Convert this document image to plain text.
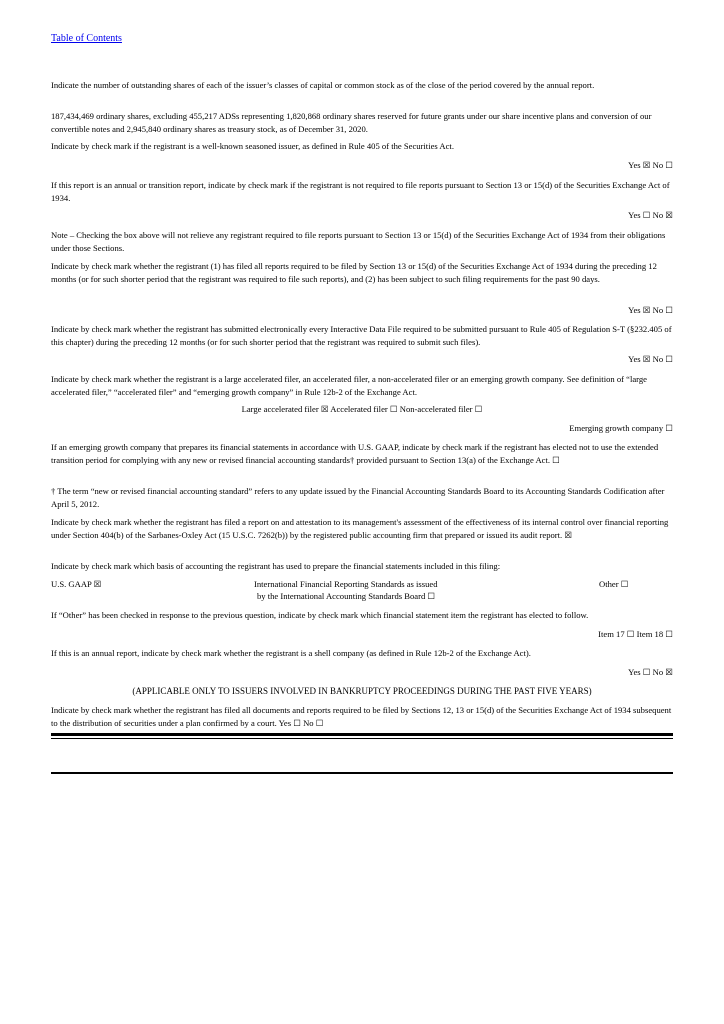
Table of Contents
Indicate the number of outstanding shares of each of the issuer’s classes of capital or common stock as of the close of the period covered by the annual report.
187,434,469 ordinary shares, excluding 455,217 ADSs representing 1,820,868 ordinary shares reserved for future grants under our share incentive plans and conversion of our convertible notes and 2,945,840 ordinary shares as treasury stock, as of December 31, 2020.
Indicate by check mark if the registrant is a well-known seasoned issuer, as defined in Rule 405 of the Securities Act.
Yes ☒ No ☐
If this report is an annual or transition report, indicate by check mark if the registrant is not required to file reports pursuant to Section 13 or 15(d) of the Securities Exchange Act of 1934.
Yes ☐ No ☒
Note – Checking the box above will not relieve any registrant required to file reports pursuant to Section 13 or 15(d) of the Securities Exchange Act of 1934 from their obligations under those Sections.
Indicate by check mark whether the registrant (1) has filed all reports required to be filed by Section 13 or 15(d) of the Securities Exchange Act of 1934 during the preceding 12 months (or for such shorter period that the registrant was required to file such reports), and (2) has been subject to such filing requirements for the past 90 days.
Yes ☒ No ☐
Indicate by check mark whether the registrant has submitted electronically every Interactive Data File required to be submitted pursuant to Rule 405 of Regulation S-T (§232.405 of this chapter) during the preceding 12 months (or for such shorter period that the registrant was required to submit such files).
Yes ☒ No ☐
Indicate by check mark whether the registrant is a large accelerated filer, an accelerated filer, a non-accelerated filer or an emerging growth company. See definition of “large accelerated filer,” “accelerated filer” and “emerging growth company” in Rule 12b-2 of the Exchange Act.
Large accelerated filer ☒ Accelerated filer ☐ Non-accelerated filer ☐
Emerging growth company ☐
If an emerging growth company that prepares its financial statements in accordance with U.S. GAAP, indicate by check mark if the registrant has elected not to use the extended transition period for complying with any new or revised financial accounting standards† provided pursuant to Section 13(a) of the Exchange Act. ☐
† The term “new or revised financial accounting standard” refers to any update issued by the Financial Accounting Standards Board to its Accounting Standards Codification after April 5, 2012.
Indicate by check mark whether the registrant has filed a report on and attestation to its management's assessment of the effectiveness of its internal control over financial reporting under Section 404(b) of the Sarbanes-Oxley Act (15 U.S.C. 7262(b)) by the registered public accounting firm that prepared or issued its audit report. ☒
Indicate by check mark which basis of accounting the registrant has used to prepare the financial statements included in this filing:
U.S. GAAP ☒	International Financial Reporting Standards as issued
by the International Accounting Standards Board ☐
Other ☐
If “Other” has been checked in response to the previous question, indicate by check mark which financial statement item the registrant has elected to follow.
Item 17 ☐ Item 18 ☐
If this is an annual report, indicate by check mark whether the registrant is a shell company (as defined in Rule 12b-2 of the Exchange Act).
Yes ☐ No ☒
(APPLICABLE ONLY TO ISSUERS INVOLVED IN BANKRUPTCY PROCEEDINGS DURING THE PAST FIVE YEARS)
Indicate by check mark whether the registrant has filed all documents and reports required to be filed by Sections 12, 13 or 15(d) of the Securities Exchange Act of 1934 subsequent to the distribution of securities under a plan confirmed by a court. Yes ☐ No ☐
